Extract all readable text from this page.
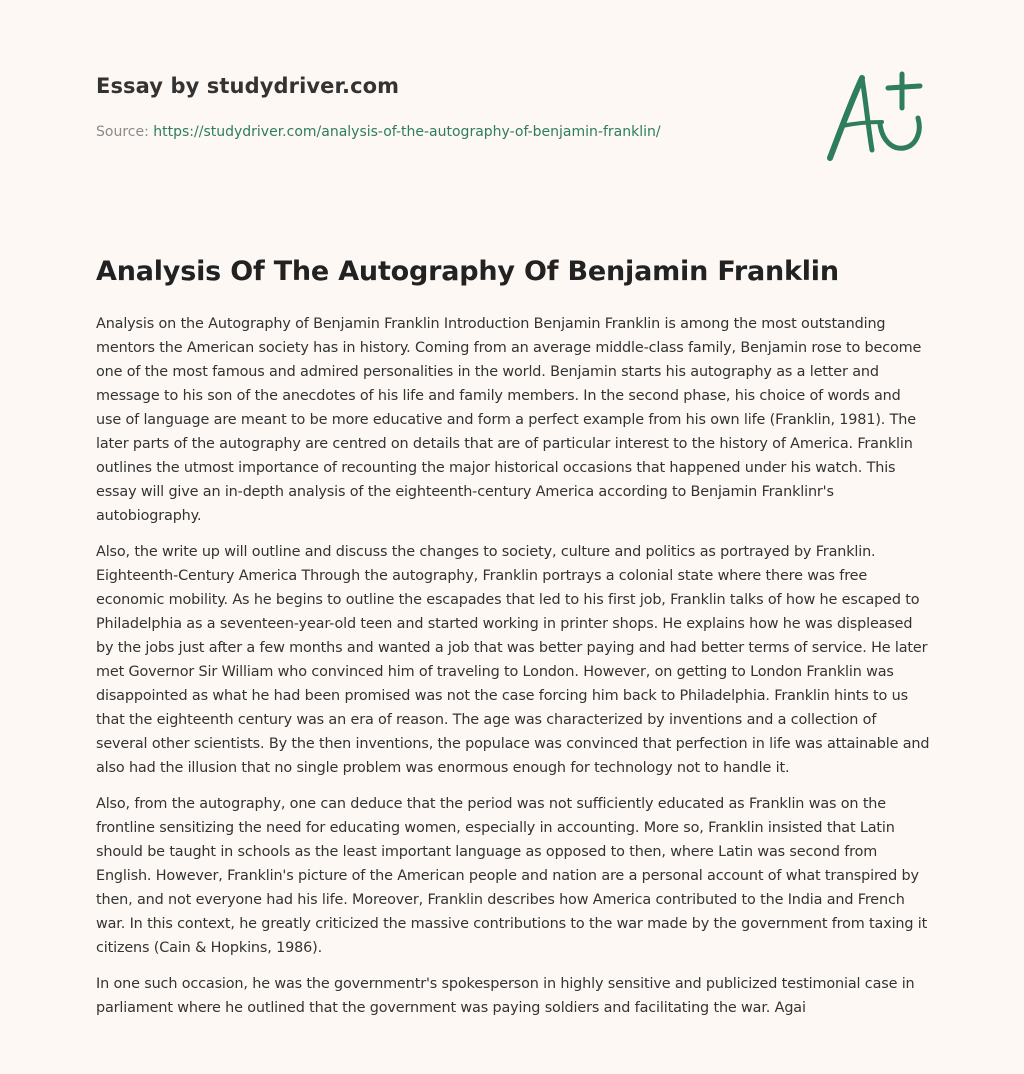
Essay by studydriver.com
Source: https://studydriver.com/analysis-of-the-autography-of-benjamin-franklin/
Analysis Of The Autography Of Benjamin Franklin

Analysis on the Autography of Benjamin Franklin Introduction Benjamin Franklin is among the most outstanding mentors the American society has in history. Coming from an average middle-class family, Benjamin rose to become one of the most famous and admired personalities in the world. Benjamin starts his autography as a letter and message to his son of the anecdotes of his life and family members. In the second phase, his choice of words and use of language are meant to be more educative and form a perfect example from his own life (Franklin, 1981). The later parts of the autography are centred on details that are of particular interest to the history of America. Franklin outlines the utmost importance of recounting the major historical occasions that happened under his watch. This essay will give an in-depth analysis of the eighteenth-century America according to Benjamin Franklinr's autobiography.

Also, the write up will outline and discuss the changes to society, culture and politics as portrayed by Franklin. Eighteenth-Century America Through the autography, Franklin portrays a colonial state where there was free economic mobility. As he begins to outline the escapades that led to his first job, Franklin talks of how he escaped to Philadelphia as a seventeen-year-old teen and started working in printer shops. He explains how he was displeased by the jobs just after a few months and wanted a job that was better paying and had better terms of service. He later met Governor Sir William who convinced him of traveling to London. However, on getting to London Franklin was disappointed as what he had been promised was not the case forcing him back to Philadelphia. Franklin hints to us that the eighteenth century was an era of reason. The age was characterized by inventions and a collection of several other scientists. By the then inventions, the populace was convinced that perfection in life was attainable and also had the illusion that no single problem was enormous enough for technology not to handle it.

Also, from the autography, one can deduce that the period was not sufficiently educated as Franklin was on the frontline sensitizing the need for educating women, especially in accounting. More so, Franklin insisted that Latin should be taught in schools as the least important language as opposed to then, where Latin was second from English. However, Franklin's picture of the American people and nation are a personal account of what transpired by then, and not everyone had his life. Moreover, Franklin describes how America contributed to the India and French war. In this context, he greatly criticized the massive contributions to the war made by the government from taxing it citizens (Cain & Hopkins, 1986).

In one such occasion, he was the governmentr's spokesperson in highly sensitive and publicized testimonial case in parliament where he outlined that the government was paying soldiers and facilitating the war. Agai
